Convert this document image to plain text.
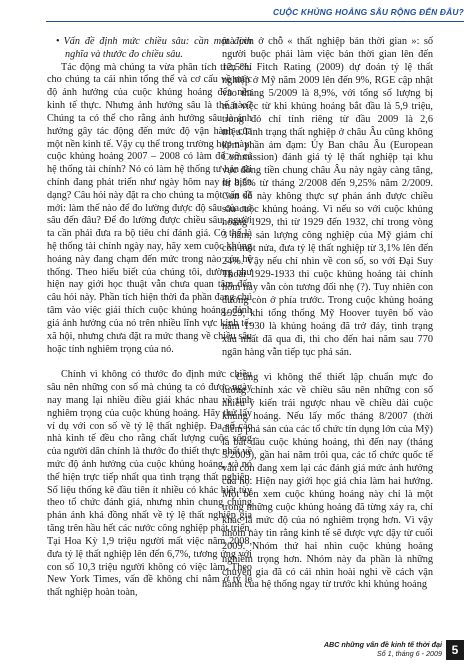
CUỘC KHỦNG HOẢNG SÂU RỘNG ĐẾN ĐÂU?
• Vấn đề định mức chiều sâu: cần một định nghĩa và thước đo chiều sâu.

Tác động mà chúng ta vừa phân tích trên chỉ cho chúng ta cái nhìn tổng thể và cơ cấu về mức độ ảnh hưởng của cuộc khủng hoảng đến nền kinh tế thực. Nhưng ảnh hưởng sâu là thế nào? Chúng ta có thể cho rằng ảnh hưởng sâu là ảnh hưởng gây tác động đến mức độ vận hành của một nền kinh tế. Vậy cụ thể trong trường hợp này: cuộc khủng hoảng 2007 – 2008 có làm đổ vỡ cả hệ thống tài chính? Nó có làm hệ thống tư bản tài chính đang phát triển như ngày hôm nay bị biến dạng? Câu hỏi này đặt ra cho chúng ta một vấn đề mới: làm thế nào để đo lường được độ sâu của nó sâu đến đâu? Để đo lường được chiều sâu, người ta cần phải đưa ra bộ tiêu chí đánh giá. Có thể là hệ thống tài chính ngày nay, hãy xem cuộc khủng hoảng này đang chạm đến mức trong nào của hệ thống. Theo hiểu biết của chúng tôi, dường như hiện nay giới học thuật vẫn chưa quan tâm đến câu hỏi này. Phần tích hiện thời đa phần đang chú tâm vào việc giải thích cuộc khủng hoảng, đánh giá ảnh hưởng của nó trên nhiều lĩnh vực kinh tế-xã hội, nhưng chưa đặt ra mức thang về chiều sâu hoặc tính nghiêm trọng của nó.

Chính vì không có thước đo định mức chiều sâu nên những con số mà chúng ta có được ngày nay mang lại nhiều điều giải khác nhau về tính nghiêm trọng của cuộc khủng hoảng. Hãy thử lấy ví dụ với con số về tỷ lệ thất nghiệp. Đa số các nhà kinh tế đều cho rằng chất lượng cuộc sống của người dân chính là thước đo thiết thực nhất về mức độ ảnh hưởng của cuộc khủng hoảng, và nó thể hiện trực tiếp nhất qua tình trạng thất nghiệp. Số liệu thống kê đầu tiên ít nhiều có khác biệt tùy theo tổ chức đánh giá, nhưng nhìn chung chúng phản ánh khá đồng nhất về tỷ lệ thất nghiệp gia tăng trên hầu hết các nước công nghiệp phát triển. Tại Hoa Kỳ 1,9 triệu người mất việc năm 2008, đưa tỷ lệ thất nghiệp lên đến 6,7%, tương ứng với con số 10,3 triệu người không có việc làm. Theo New York Times, vấn đề không chỉ nằm ở tỷ lệ thất nghiệp hoàn toàn,

mà còn ở chỗ « thất nghiệp bán thời gian »: số người buộc phải làm việc bán thời gian lên đến 12,5%. Fitch Rating (2009) dự đoán tỷ lệ thất nghiệp ở Mỹ năm 2009 lên đến 9%, RGE cập nhật vào tháng 5/2009 là 8,9%, với tổng số lượng bị mất việc từ khi khủng hoảng bắt đầu là 5,9 triệu, trong đó chỉ tính riêng từ đầu 2009 là 2,6 triệu.Tình trạng thất nghiệp ở châu Âu cũng không kém phần ảm đạm: Ủy Ban châu Âu (European Commission) đánh giá tỷ lệ thất nghiệp tại khu vực đồng tiền chung châu Âu này ngày càng tăng, từ 8,5% từ tháng 2/2008 đến 9,25% năm 2/2009. Con số này không thực sự phản ánh được chiều sâu cuộc khủng hoảng. Vì nếu so với cuộc khủng hoảng 1929, thì từ 1929 đến 1932, chỉ trong vòng 3 năm, sản lượng công nghiệp của Mỹ giảm chỉ còn một nửa, đưa tỷ lệ thất nghiệp từ 3,1% lên đến 24%. Vậy nếu chỉ nhìn về con số, so với Đại Suy Thoái 1929-1933 thì cuộc khủng hoảng tài chính hôm nay vẫn còn tương đối nhẹ (?). Tuy nhiên con đường còn ở phía trước. Trong cuộc khủng hoảng 1929, khi tổng thống Mỹ Hoover tuyên bố vào năm 1930 là khủng hoảng đã trở đáy, tình trạng xấu nhất đã qua đi, thì cho đến hai năm sau 770 ngân hàng vẫn tiếp tục phá sản.

Cũng vì không thể thiết lập chuẩn mực đo lường chính xác về chiều sâu nên những con số nhiều ý kiến trái ngược nhau về chiều dài cuộc khủng hoảng. Nếu lấy mốc tháng 8/2007 (thời điểm phá sản của các tổ chức tín dụng lớn của Mỹ) là bắt đầu cuộc khủng hoảng, thì đến nay (tháng 5/2009), gần hai năm trôi qua, các tổ chức quốc tế vẫn còn đang xem lại các đánh giá mức ảnh hưởng của họ. Hiện nay giới học giả chia làm hai hướng. Một bên xem cuộc khủng hoảng này chỉ là một trong những cuộc khủng hoảng đã từng xảy ra, chỉ khác là mức độ của nó nghiêm trọng hơn. Vì vậy nhóm này tin rằng kinh tế sẽ được vực dậy từ cuối 2009. Nhóm thứ hai nhìn cuộc khủng hoảng nghiêm trọng hơn. Nhóm này đa phần là những chuyên gia đã có cái nhìn hoài nghi về cách vận hành của hệ thống ngay từ trước khi khủng hoảng

ABC những vấn đề kinh tế thời đại
Số 1, tháng 6 - 2009 5
